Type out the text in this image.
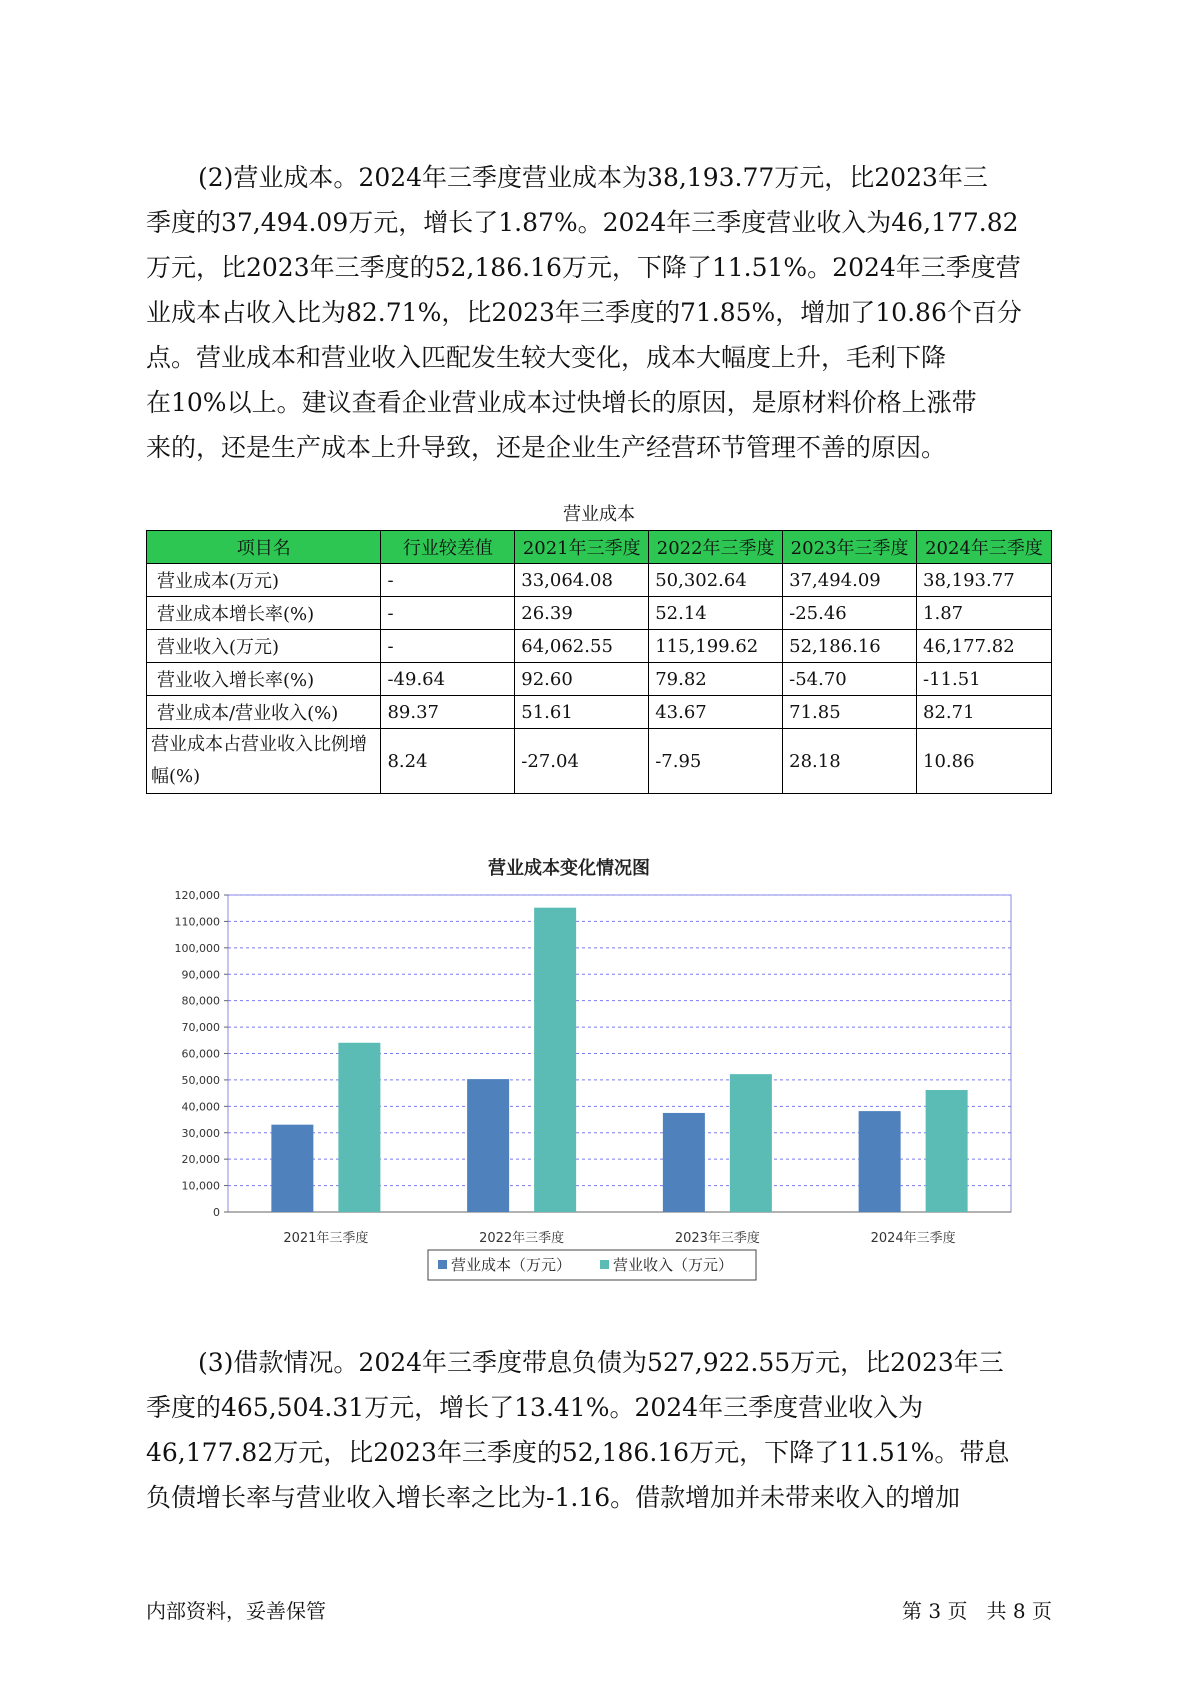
(2)营业成本。2024年三季度营业成本为38,193.77万元，比2023年三
季度的37,494.09万元，增长了1.87%。2024年三季度营业收入为46,177.82
万元，比2023年三季度的52,186.16万元，下降了11.51%。2024年三季度营
业成本占收入比为82.71%，比2023年三季度的71.85%，增加了10.86个百分
点。营业成本和营业收入匹配发生较大变化，成本大幅度上升，毛利下降
在10%以上。建议查看企业营业成本过快增长的原因，是原材料价格上涨带
来的，还是生产成本上升导致，还是企业生产经营环节管理不善的原因。
营业成本
项目名	行业较差值	2021年三季度	2022年三季度	2023年三季度	2024年三季度
营业成本(万元)	-	33,064.08	50,302.64	37,494.09	38,193.77
营业成本增长率(%)	-	26.39	52.14	-25.46	1.87
营业收入(万元)	-	64,062.55	115,199.62	52,186.16	46,177.82
营业收入增长率(%)	-49.64	92.60	79.82	-54.70	-11.51
营业成本/营业收入(%)	89.37	51.61	43.67	71.85	82.71
营业成本占营业收入比例增幅(%)	8.24	-27.04	-7.95	28.18	10.86
营业成本变化情况图
0
10,000
20,000
30,000
40,000
50,000
60,000
70,000
80,000
90,000
100,000
110,000
120,000
2021年三季度	2022年三季度	2023年三季度	2024年三季度
营业成本（万元）	营业收入（万元）
(3)借款情况。2024年三季度带息负债为527,922.55万元，比2023年三
季度的465,504.31万元，增长了13.41%。2024年三季度营业收入为
46,177.82万元，比2023年三季度的52,186.16万元，下降了11.51%。带息
负债增长率与营业收入增长率之比为-1.16。借款增加并未带来收入的增加
内部资料，妥善保管	第 3 页   共 8 页
